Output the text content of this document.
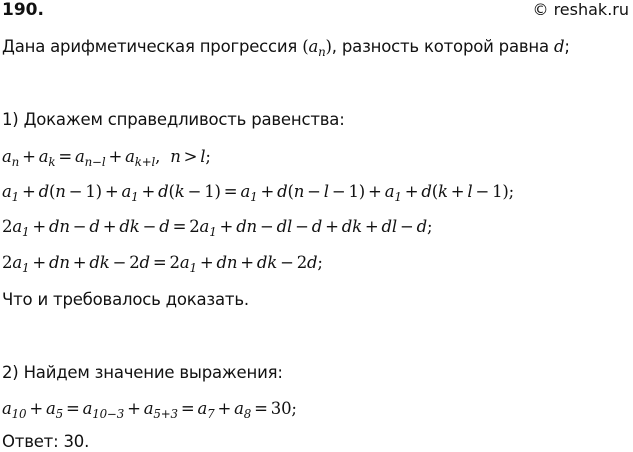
190.	© reshak.ru
Дана арифметическая прогрессия $(a_n)$, разность которой равна d;
1) Докажем справедливость равенства:
$a_n + a_k = a_{n-l} + a_{k+l}$,  n > l;
$a_1 + d(n - 1) + a_1 + d(k - 1) = a_1 + d(n - l - 1) + a_1 + d(k + l - 1)$;
$2a_1$ + dn − d + dk − $d = 2a_1$ + dn − dl − d + dk + dl − d;
$2a_1$ + dn + dk − $2d = 2a_1$ + dn + dk − 2d;
Что и требовалось доказать.
2) Найдем значение выражения:
$a_{10} + a_5 = a_{10-3} + a_{5+3} = a_7 + a_8 = 30$;
Ответ: 30.
